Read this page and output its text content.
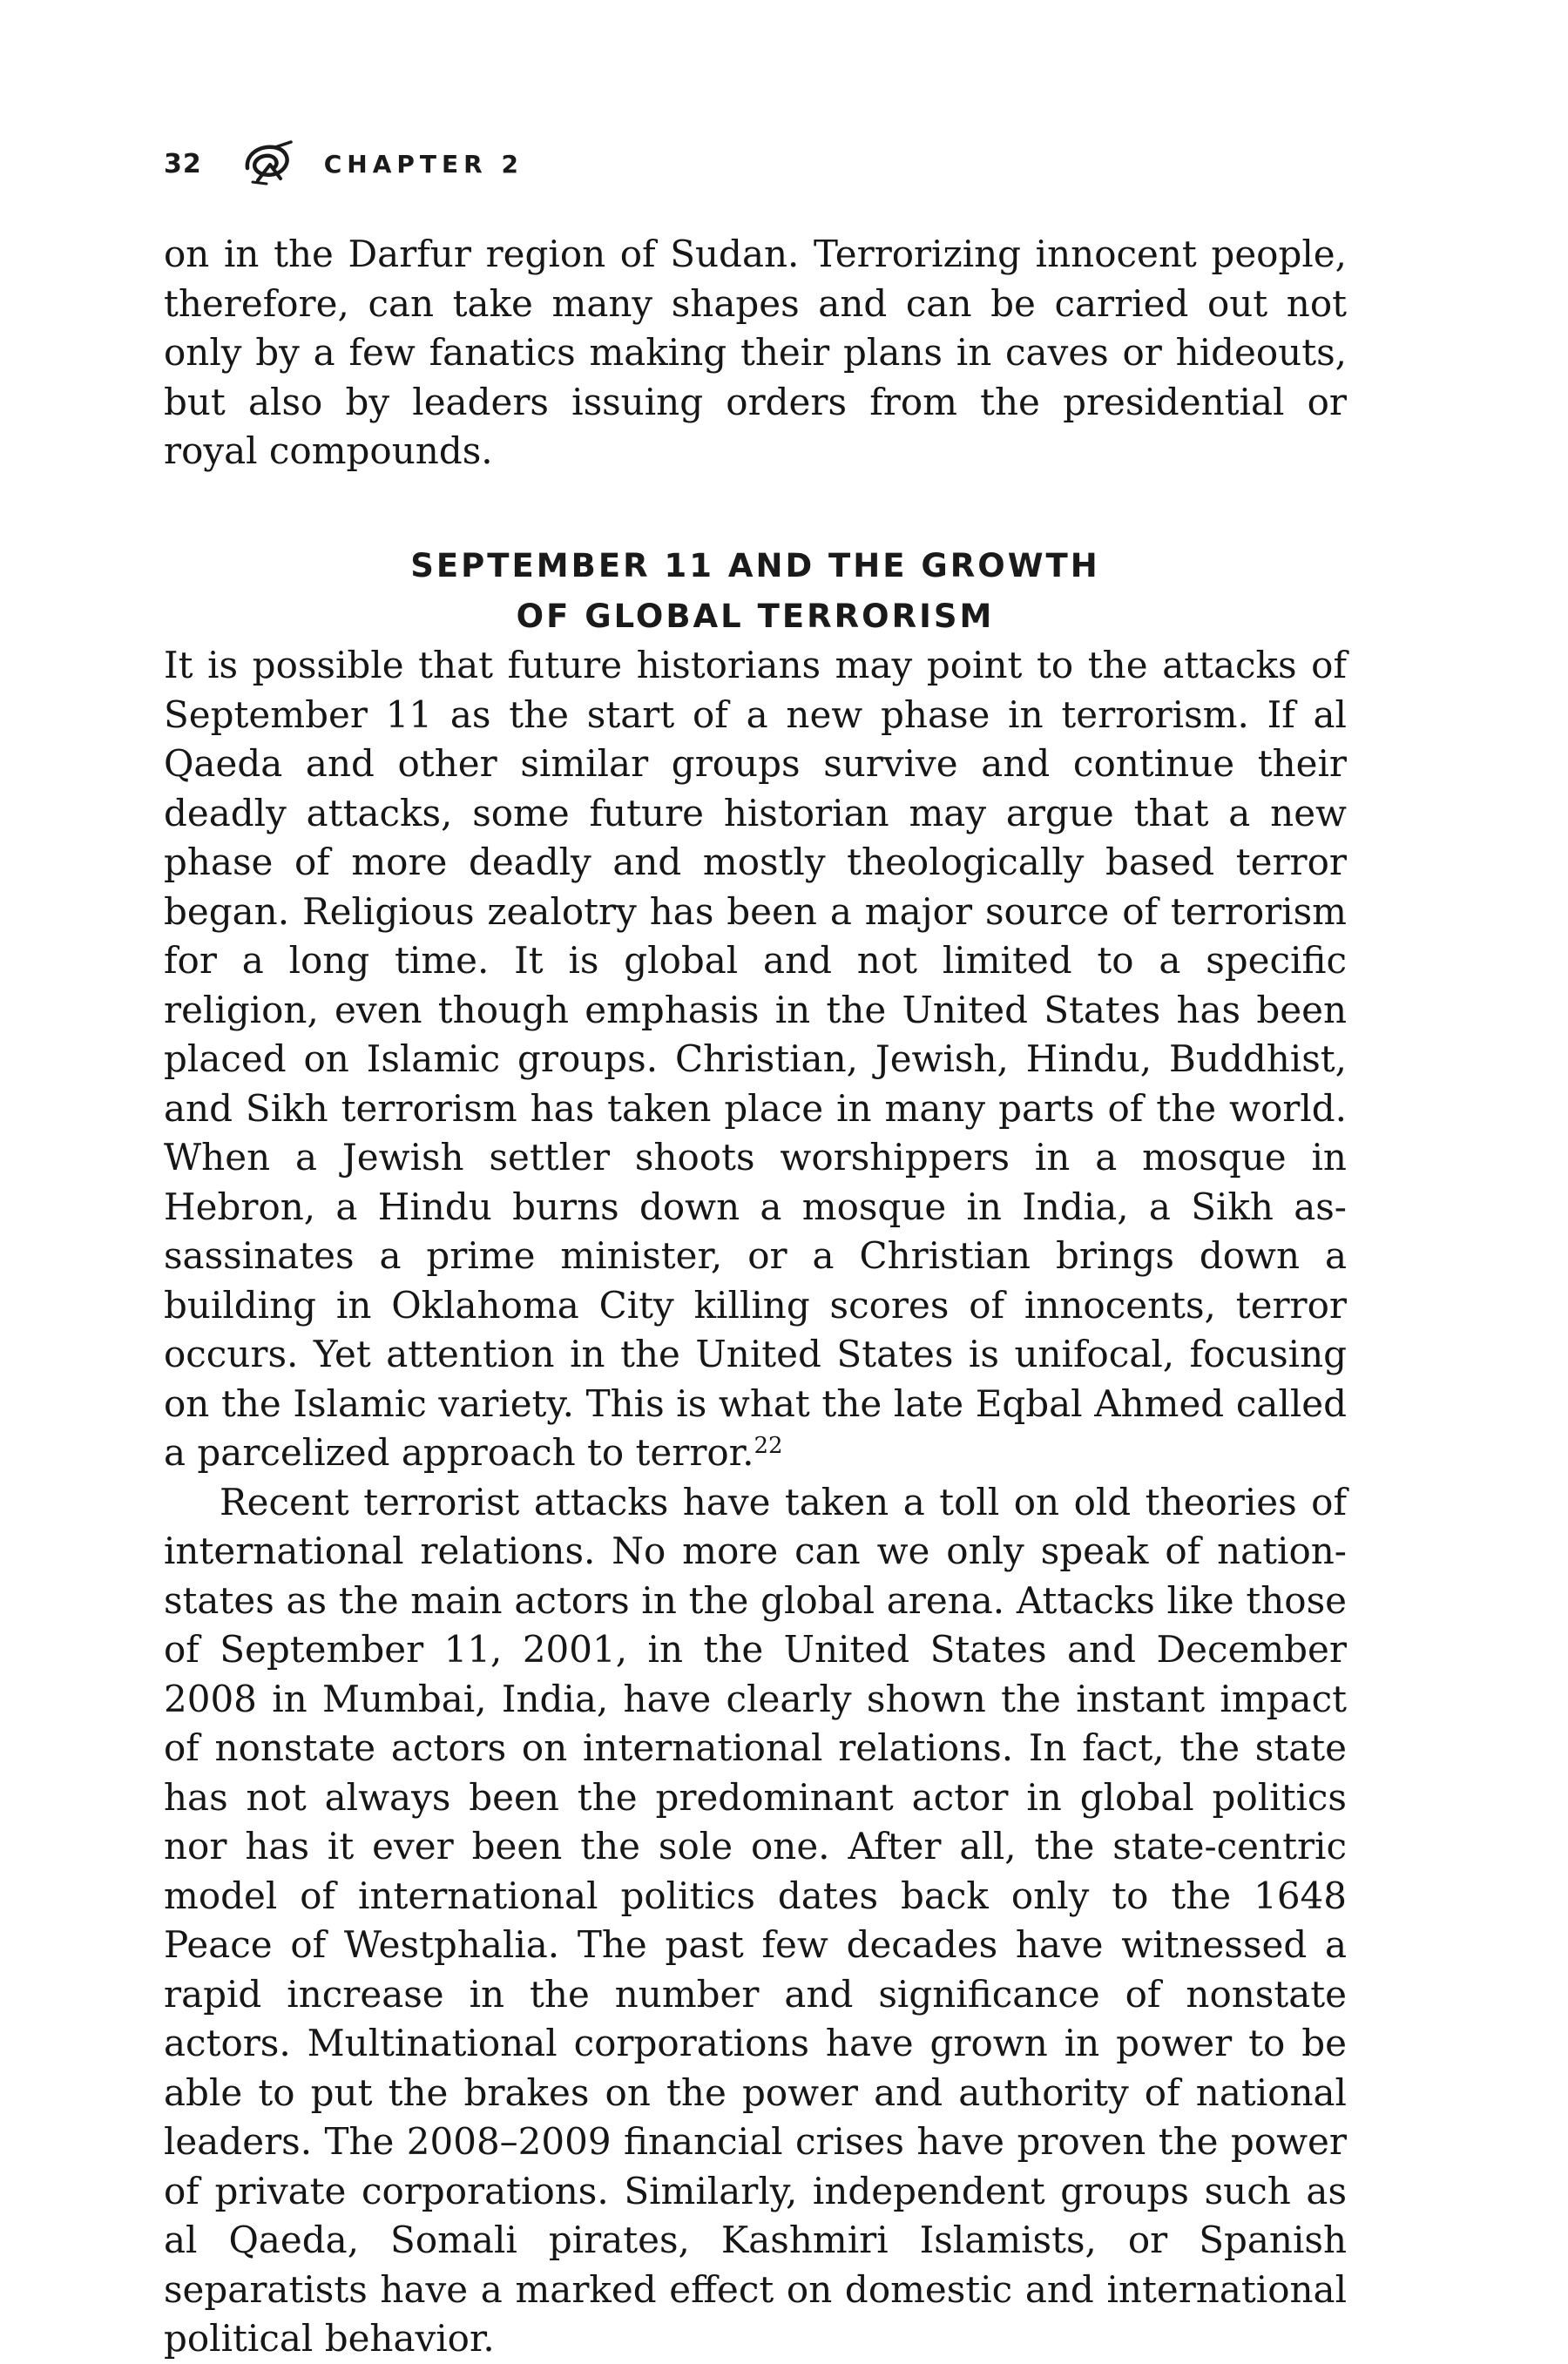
32	CHAPTER 2

on in the Darfur region of Sudan. Terrorizing innocent people, therefore, can take many shapes and can be carried out not only by a few fanatics making their plans in caves or hideouts, but also by leaders issuing orders from the presidential or royal compounds.

SEPTEMBER 11 AND THE GROWTH
OF GLOBAL TERRORISM

It is possible that future historians may point to the attacks of September 11 as the start of a new phase in terrorism. If al Qaeda and other similar groups survive and continue their deadly attacks, some future historian may argue that a new phase of more deadly and mostly theologically based terror began. Religious zealotry has been a major source of terrorism for a long time. It is global and not limited to a specific religion, even though emphasis in the United States has been placed on Islamic groups. Christian, Jewish, Hindu, Buddhist, and Sikh terrorism has taken place in many parts of the world. When a Jewish settler shoots worshippers in a mosque in Hebron, a Hindu burns down a mosque in India, a Sikh assassinates a prime minister, or a Christian brings down a building in Oklahoma City killing scores of innocents, terror occurs. Yet attention in the United States is unifocal, focusing on the Islamic variety. This is what the late Eqbal Ahmed called a parcelized approach to terror.$^{22}$

Recent terrorist attacks have taken a toll on old theories of international relations. No more can we only speak of nation-states as the main actors in the global arena. Attacks like those of September 11, 2001, in the United States and December 2008 in Mumbai, India, have clearly shown the instant impact of nonstate actors on international relations. In fact, the state has not always been the predominant actor in global politics nor has it ever been the sole one. After all, the state-centric model of international politics dates back only to the 1648 Peace of Westphalia. The past few decades have witnessed a rapid increase in the number and significance of nonstate actors. Multinational corporations have grown in power to be able to put the brakes on the power and authority of national leaders. The 2008–2009 financial crises have proven the power of private corporations. Similarly, independent groups such as al Qaeda, Somali pirates, Kashmiri Islamists, or Spanish separatists have a marked effect on domestic and international political behavior.
